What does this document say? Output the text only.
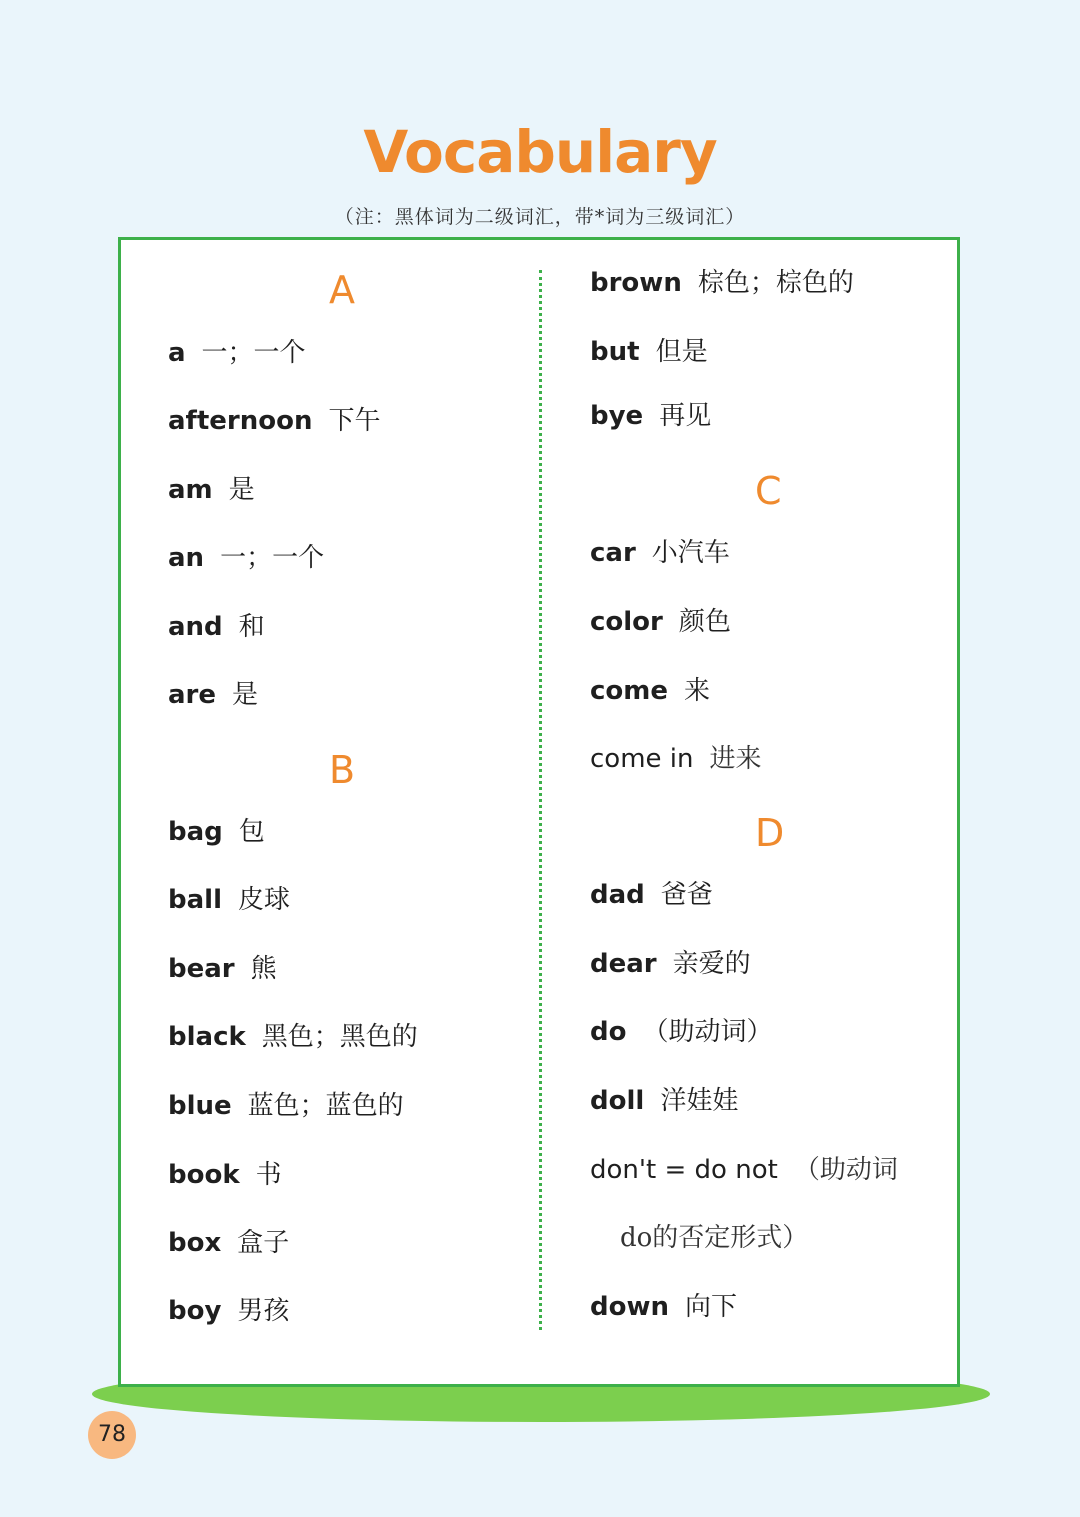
Vocabulary
（注：黑体词为二级词汇，带*词为三级词汇）
A
a 一；一个
afternoon 下午
am 是
an 一；一个
and 和
are 是
B
bag 包
ball 皮球
bear 熊
black 黑色；黑色的
blue 蓝色；蓝色的
book 书
box 盒子
boy 男孩
brown 棕色；棕色的
but 但是
bye 再见
C
car 小汽车
color 颜色
come 来
come in 进来
D
dad 爸爸
dear 亲爱的
do （助动词）
doll 洋娃娃
don't = do not （助动词
do的否定形式）
down 向下
78
